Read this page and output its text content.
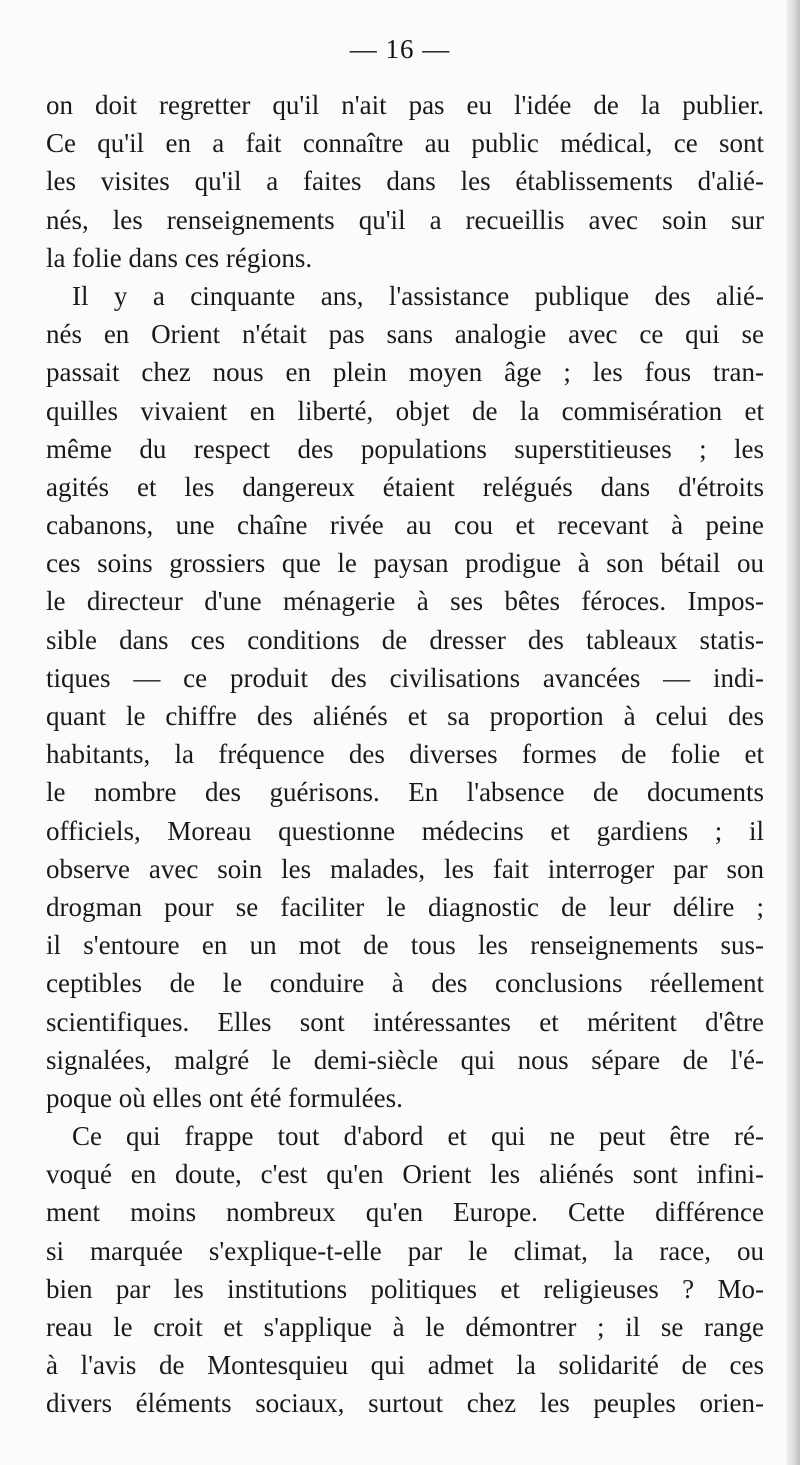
— 16 —
on doit regretter qu'il n'ait pas eu l'idée de la publier.
Ce qu'il en a fait connaître au public médical, ce sont
les visites qu'il a faites dans les établissements d'alié-
nés, les renseignements qu'il a recueillis avec soin sur
la folie dans ces régions.
Il y a cinquante ans, l'assistance publique des alié-
nés en Orient n'était pas sans analogie avec ce qui se
passait chez nous en plein moyen âge ; les fous tran-
quilles vivaient en liberté, objet de la commisération et
même du respect des populations superstitieuses ; les
agités et les dangereux étaient relégués dans d'étroits
cabanons, une chaîne rivée au cou et recevant à peine
ces soins grossiers que le paysan prodigue à son bétail ou
le directeur d'une ménagerie à ses bêtes féroces. Impos-
sible dans ces conditions de dresser des tableaux statis-
tiques — ce produit des civilisations avancées — indi-
quant le chiffre des aliénés et sa proportion à celui des
habitants, la fréquence des diverses formes de folie et
le nombre des guérisons. En l'absence de documents
officiels, Moreau questionne médecins et gardiens ; il
observe avec soin les malades, les fait interroger par son
drogman pour se faciliter le diagnostic de leur délire ;
il s'entoure en un mot de tous les renseignements sus-
ceptibles de le conduire à des conclusions réellement
scientifiques. Elles sont intéressantes et méritent d'être
signalées, malgré le demi-siècle qui nous sépare de l'é-
poque où elles ont été formulées.
Ce qui frappe tout d'abord et qui ne peut être ré-
voqué en doute, c'est qu'en Orient les aliénés sont infini-
ment moins nombreux qu'en Europe. Cette différence
si marquée s'explique-t-elle par le climat, la race, ou
bien par les institutions politiques et religieuses ? Mo-
reau le croit et s'applique à le démontrer ; il se range
à l'avis de Montesquieu qui admet la solidarité de ces
divers éléments sociaux, surtout chez les peuples orien-
